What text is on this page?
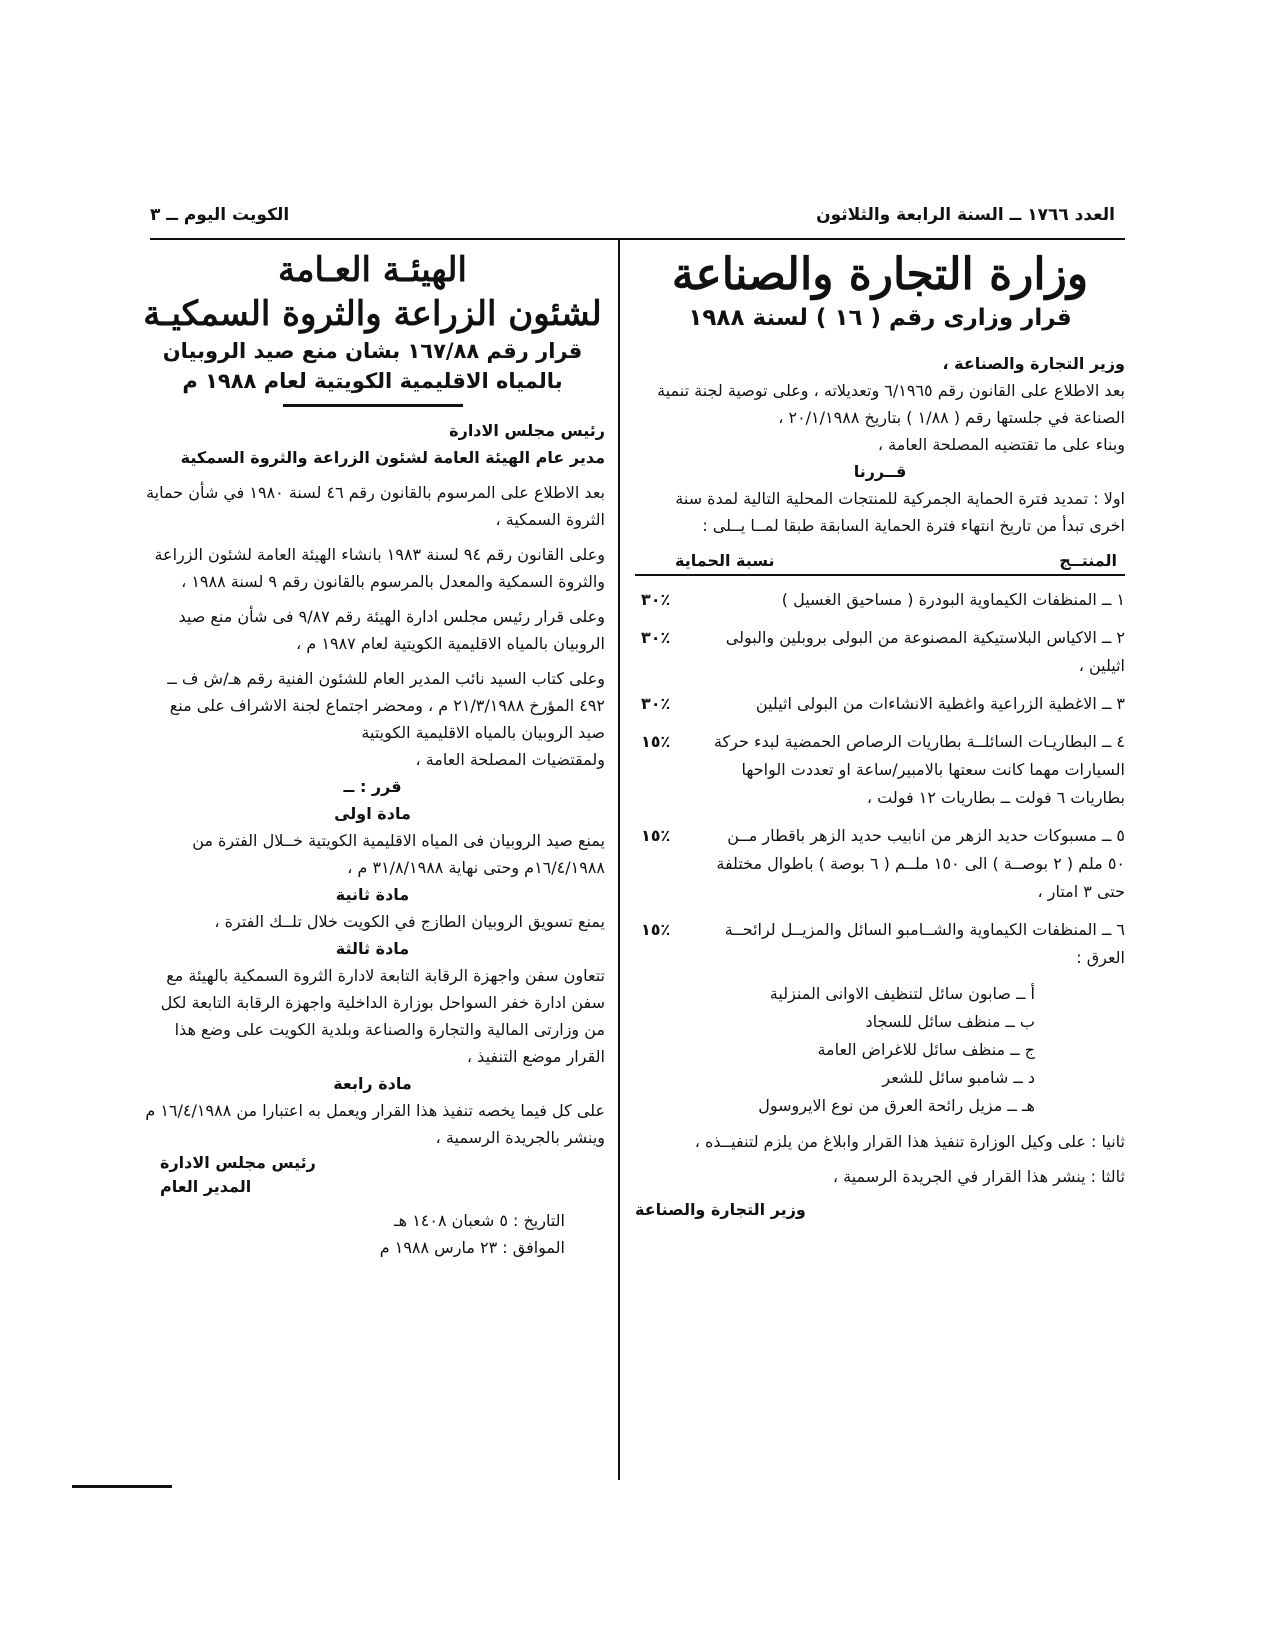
العدد ١٧٦٦ ــ السنة الرابعة والثلاثون
الكويت اليوم ــ ٣
وزارة التجارة والصناعة
قرار وزارى رقم ( ١٦ ) لسنة ١٩٨٨

وزير التجارة والصناعة ،

بعد الاطلاع على القانون رقم ٦/١٩٦٥ وتعديلاته ، وعلى توصية لجنة تنمية الصناعة في جلستها رقم ( ١/٨٨ ) بتاريخ ٢٠/١/١٩٨٨ ،

وبناء على ما تقتضيه المصلحة العامة ،

قــررنا

اولا : تمديد فترة الحماية الجمركية للمنتجات المحلية التالية لمدة سنة اخرى تبدأ من تاريخ انتهاء فترة الحماية السابقة طبقا لمــا يــلى :

المنتــج
نسبة الحماية
١ ــ المنظفات الكيماوية البودرة ( مساحيق الغسيل )
٣٠٪
٢ ــ الاكياس البلاستيكية المصنوعة من البولى بروبلين والبولى اثيلين ،
٣٠٪
٣ ــ الاغطية الزراعية واغطية الانشاءات من البولى اثيلين
٣٠٪
٤ ــ البطاريـات السائلــة بطاريات الرصاص الحمضية لبدء حركة السيارات مهما كانت سعتها بالامبير/ساعة او تعددت الواحها بطاريات ٦ فولت ــ بطاريات ١٢ فولت ،
١٥٪
٥ ــ مسبوكات حديد الزهر من انابيب حديد الزهر باقطار مــن ٥٠ ملم ( ٢ بوصــة ) الى ١٥٠ ملــم ( ٦ بوصة ) باطوال مختلفة حتى ٣ امتار ،
١٥٪
٦ ــ المنظفات الكيماوية والشــامبو السائل والمزيــل لرائحــة العرق :
١٥٪
أ ــ صابون سائل لتنظيف الاوانى المنزلية
ب ــ منظف سائل للسجاد
ج ــ منظف سائل للاغراض العامة
د ــ شامبو سائل للشعر
هـ ــ مزيل رائحة العرق من نوع الايروسول

ثانيا : على وكيل الوزارة تنفيذ هذا القرار وابلاغ من يلزم لتنفيــذه ،

ثالثا : ينشر هذا القرار في الجريدة الرسمية ،

وزير التجارة والصناعة

الهيئـة العـامة
لشئون الزراعة والثروة السمكيـة
قرار رقم ١٦٧/٨٨ بشان منع صيد الروبيان بالمياه الاقليمية الكويتية لعام ١٩٨٨ م

رئيس مجلس الادارة

مدير عام الهيئة العامة لشئون الزراعة والثروة السمكية

بعد الاطلاع على المرسوم بالقانون رقم ٤٦ لسنة ١٩٨٠ في شأن حماية الثروة السمكية ،

وعلى القانون رقم ٩٤ لسنة ١٩٨٣ بانشاء الهيئة العامة لشئون الزراعة والثروة السمكية والمعدل بالمرسوم بالقانون رقم ٩ لسنة ١٩٨٨ ،

وعلى قرار رئيس مجلس ادارة الهيئة رقم ٩/٨٧ فى شأن منع صيد الروبيان بالمياه الاقليمية الكويتية لعام ١٩٨٧ م ،

وعلى كتاب السيد نائب المدير العام للشئون الفنية رقم هـ/ش ف ــ ٤٩٢ المؤرخ ٢١/٣/١٩٨٨ م ، ومحضر اجتماع لجنة الاشراف على منع صيد الروبيان بالمياه الاقليمية الكويتية

ولمقتضيات المصلحة العامة ،

قرر : ــ

مادة اولى

يمنع صيد الروبيان فى المياه الاقليمية الكويتية خــلال الفترة من ١٦/٤/١٩٨٨م وحتى نهاية ٣١/٨/١٩٨٨ م ،

مادة ثانية

يمنع تسويق الروبيان الطازج في الكويت خلال تلــك الفترة ،

مادة ثالثة

تتعاون سفن واجهزة الرقابة التابعة لادارة الثروة السمكية بالهيئة مع سفن ادارة خفر السواحل بوزارة الداخلية واجهزة الرقابة التابعة لكل من وزارتى المالية والتجارة والصناعة وبلدية الكويت على وضع هذا القرار موضع التنفيذ ،

مادة رابعة

على كل فيما يخصه تنفيذ هذا القرار ويعمل به اعتبارا من ١٦/٤/١٩٨٨ م وينشر بالجريدة الرسمية ،

رئيس مجلس الادارة

المدير العام

التاريخ : ٥ شعبان ١٤٠٨ هـ

الموافق : ٢٣ مارس ١٩٨٨ م
